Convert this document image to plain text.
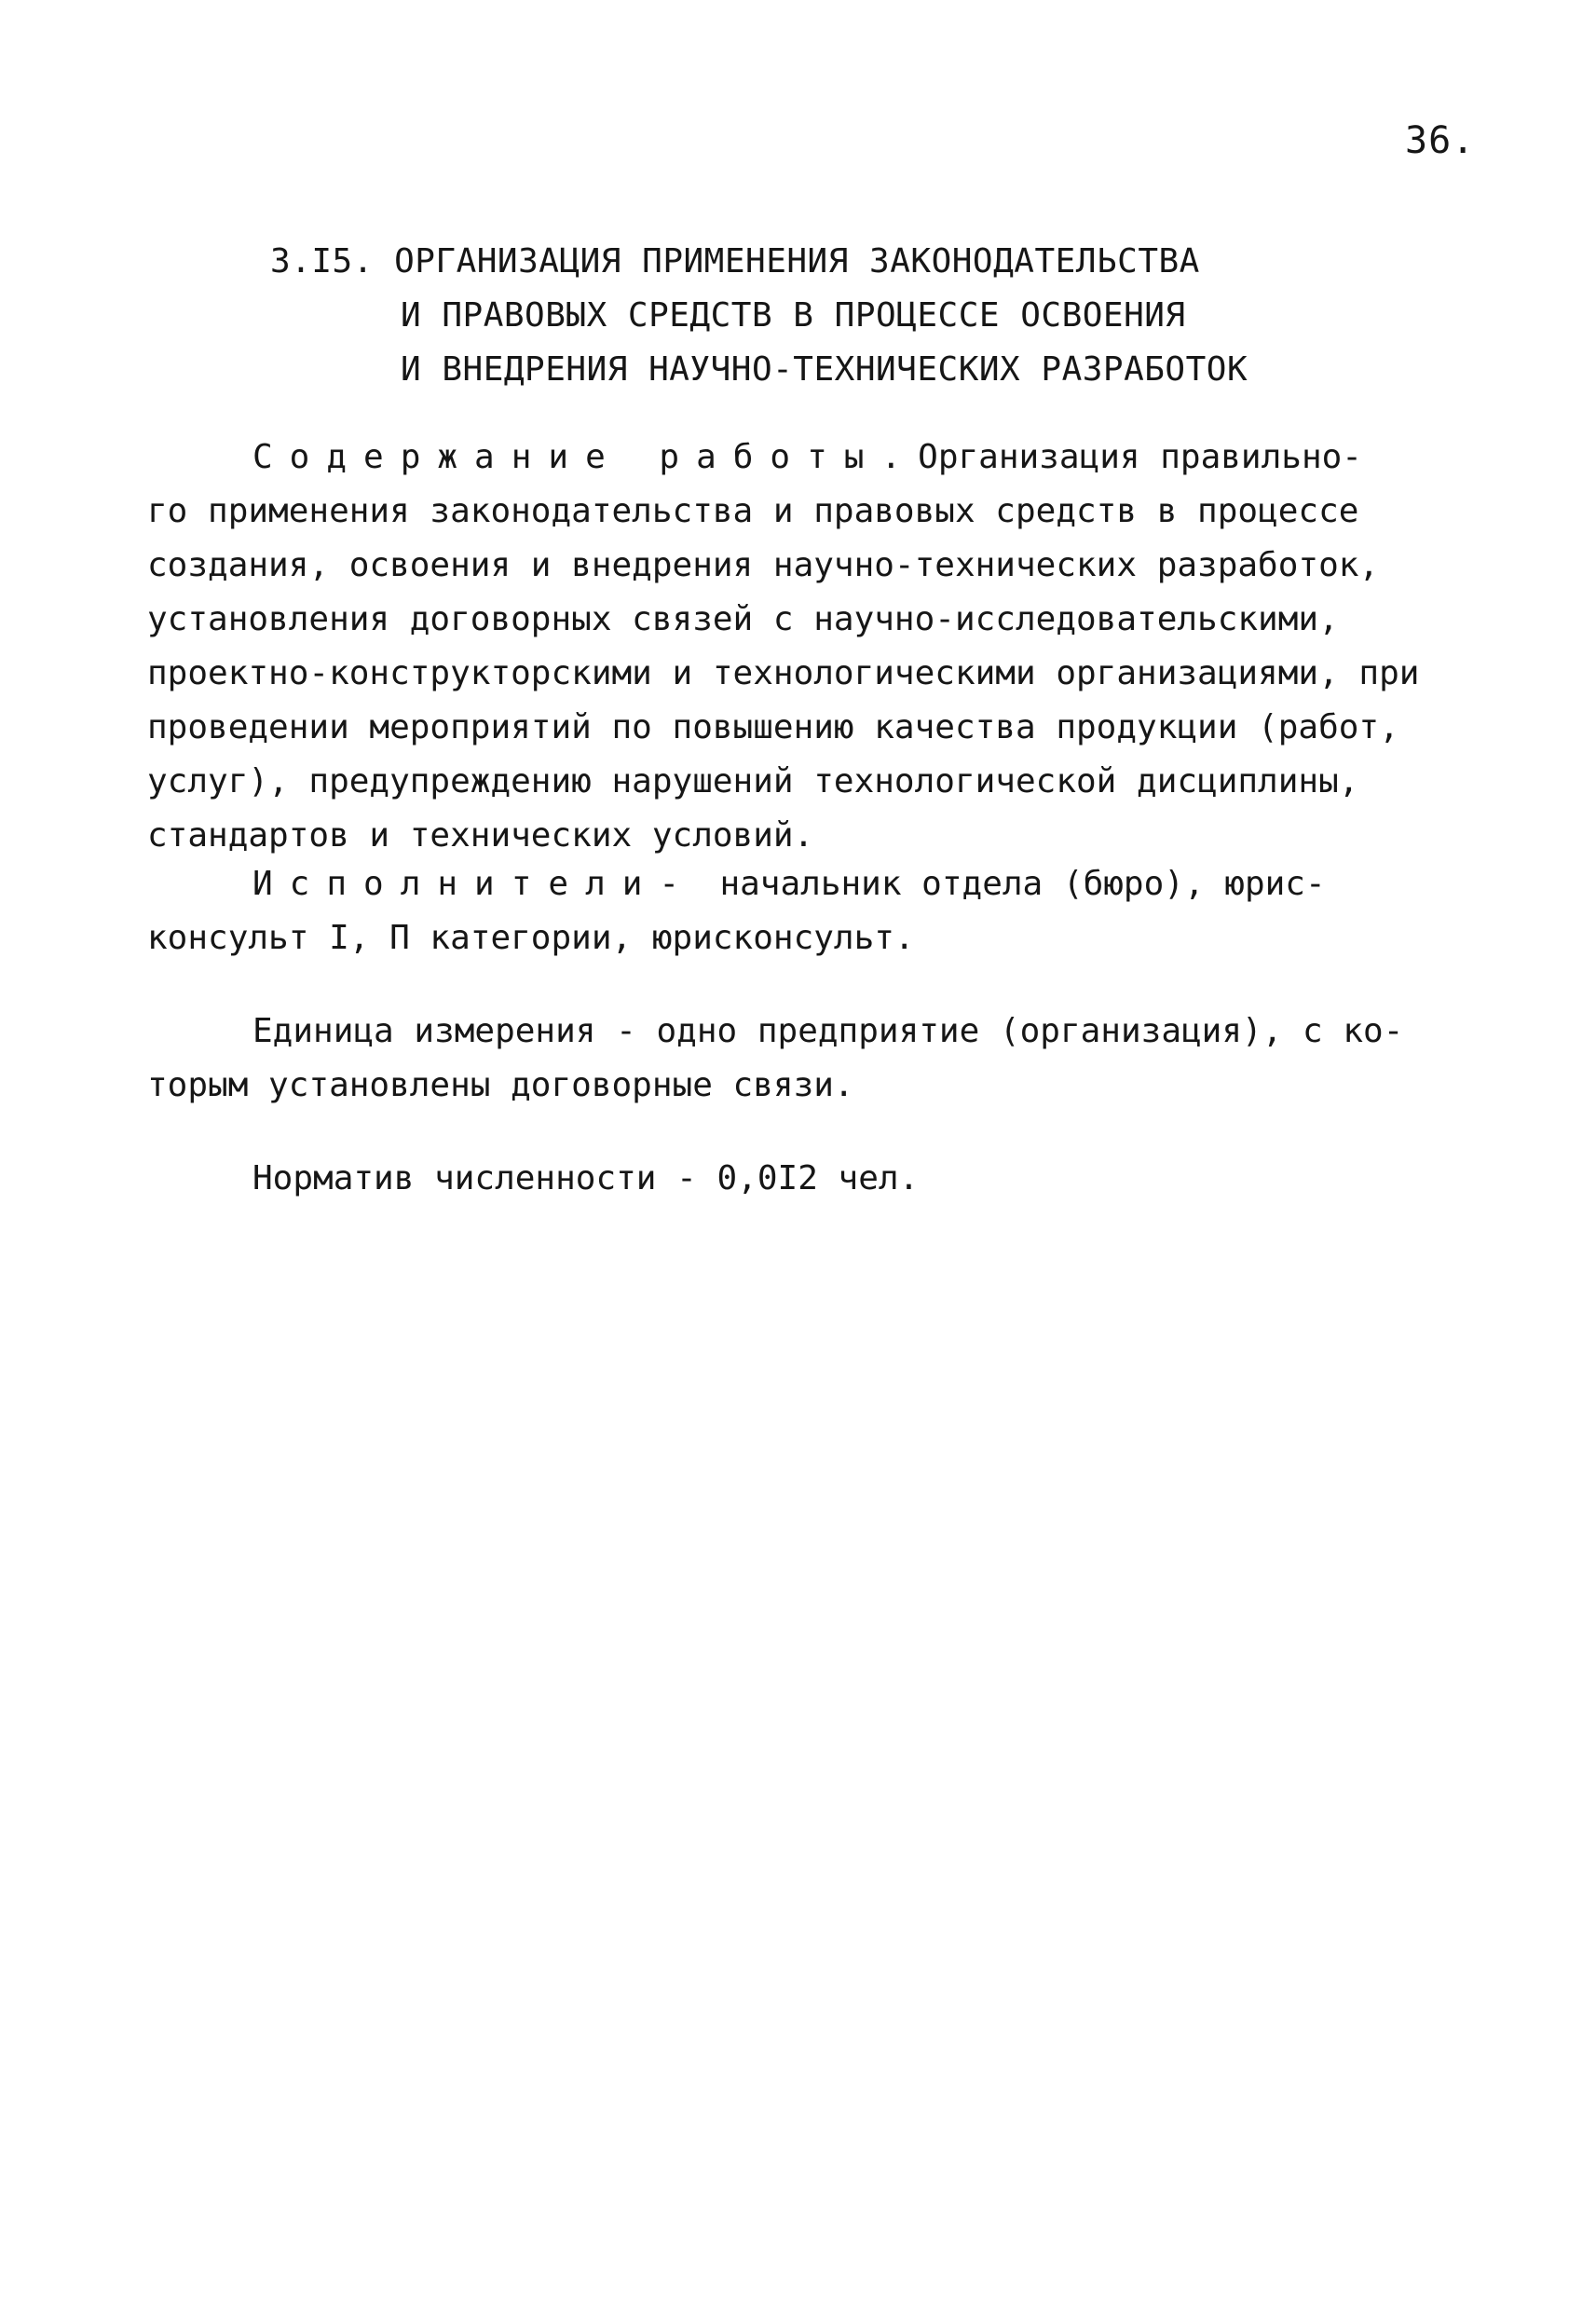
36.
3.I5. ОРГАНИЗАЦИЯ ПРИМЕНЕНИЯ ЗАКОНОДАТЕЛЬСТВА
И ПРАВОВЫХ СРЕДСТВ В ПРОЦЕССЕ ОСВОЕНИЯ
И ВНЕДРЕНИЯ НАУЧНО-ТЕХНИЧЕСКИХ РАЗРАБОТОК
Содержание работы.Организация правильно-
го применения законодательства и правовых средств в процессе
создания, освоения и внедрения научно-технических разработок,
установления договорных связей с научно-исследовательскими,
проектно-конструкторскими и технологическими организациями, при
проведении мероприятий по повышению качества продукции (работ,
услуг), предупреждению нарушений технологической дисциплины,
стандартов и технических условий.
Исполнители-  начальник отдела (бюро), юрис-
консульт I, П категории, юрисконсульт.
Единица измерения - одно предприятие (организация), с ко-
торым установлены договорные связи.
Норматив численности - 0,0I2 чел.
